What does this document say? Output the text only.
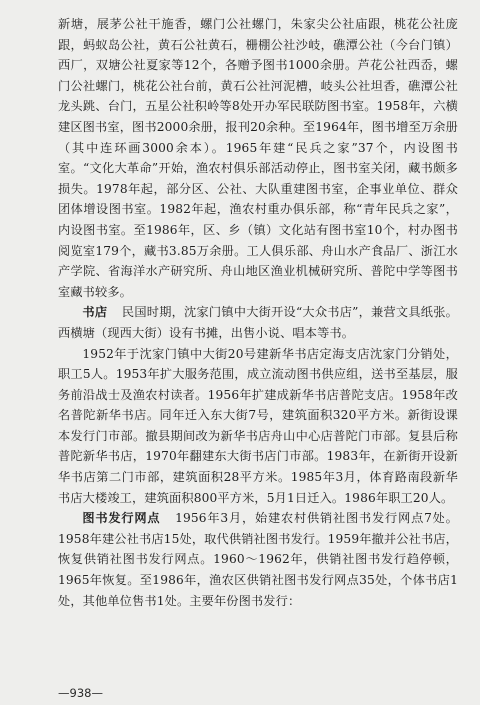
新塘，展茅公社干施香，螺门公社螺门，朱家尖公社庙跟，桃花公社庞跟，蚂蚁岛公社，黄石公社黄石，栅棚公社沙岐，礁潭公社（今台门镇）西厂，双塘公社夏家等12个，各赠予图书1000余册。芦花公社西岙，螺门公社螺门，桃花公社台前，黄石公社河泥槽，岐头公社坦香，礁潭公社龙头跳、台门，五星公社积岭等8处开办军民联防图书室。1958年，六横建区图书室，图书2000余册，报刊20余种。至1964年，图书增至万余册（其中连环画3000余本）。1965年建“民兵之家”37个，内设图书室。“文化大革命”开始，渔农村俱乐部活动停止，图书室关闭，藏书颇多损失。1978年起，部分区、公社、大队重建图书室，企事业单位、群众团体增设图书室。1982年起，渔农村重办俱乐部，称“青年民兵之家”，内设图书室。至1986年，区、乡（镇）文化站有图书室10个，村办图书阅览室179个，藏书3.85万余册。工人俱乐部、舟山水产食品厂、浙江水产学院、省海洋水产研究所、舟山地区渔业机械研究所、普陀中学等图书室藏书较多。

书店 民国时期，沈家门镇中大街开设“大众书店”，兼营文具纸张。西横塘（现西大街）设有书摊，出售小说、唱本等书。

1952年于沈家门镇中大街20号建新华书店定海支店沈家门分销处，职工5人。1953年扩大服务范围，成立流动图书供应组，送书至基层，服务前沿战士及渔农村读者。1956年扩建成新华书店普陀支店。1958年改名普陀新华书店。同年迁入东大街7号，建筑面积320平方米。新街设课本发行门市部。撤县期间改为新华书店舟山中心店普陀门市部。复县后称普陀新华书店，1970年翻建东大街书店门市部。1983年，在新街开设新华书店第二门市部，建筑面积28平方米。1985年3月，体育路南段新华书店大楼竣工，建筑面积800平方米，5月1日迁入。1986年职工20人。

图书发行网点 1956年3月，始建农村供销社图书发行网点7处。1958年建公社书店15处，取代供销社图书发行。1959年撤并公社书店，恢复供销社图书发行网点。1960～1962年，供销社图书发行趋停顿，1965年恢复。至1986年，渔农区供销社图书发行网点35处，个体书店1处，其他单位售书1处。主要年份图书发行：

—938—
